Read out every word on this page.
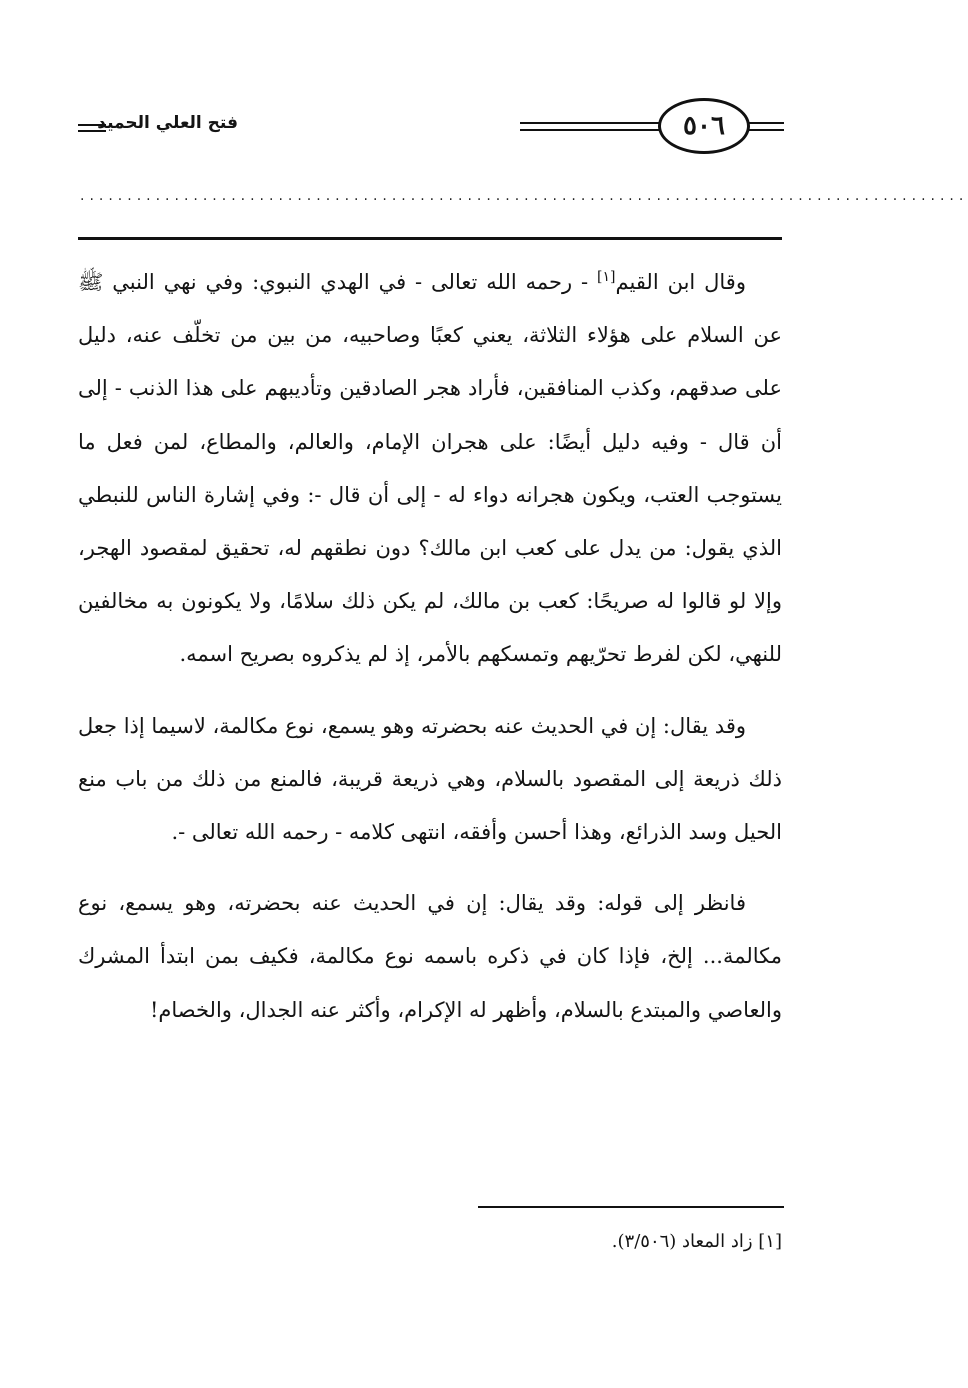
فتح العلي الحميد	٥٠٦
..............................................................................................

وقال ابن القيم[١] - رحمه الله تعالى - في الهدي النبوي: وفي نهي النبي ﷺ عن السلام على هؤلاء الثلاثة، يعني كعبًا وصاحبيه، من بين من تخلّف عنه، دليل على صدقهم، وكذب المنافقين، فأراد هجر الصادقين وتأديبهم على هذا الذنب - إلى أن قال - وفيه دليل أيضًا: على هجران الإمام، والعالم، والمطاع، لمن فعل ما يستوجب العتب، ويكون هجرانه دواء له - إلى أن قال -: وفي إشارة الناس للنبطي الذي يقول: من يدل على كعب ابن مالك؟ دون نطقهم له، تحقيق لمقصود الهجر، وإلا لو قالوا له صريحًا: كعب بن مالك، لم يكن ذلك سلامًا، ولا يكونون به مخالفين للنهي، لكن لفرط تحرّيهم وتمسكهم بالأمر، إذ لم يذكروه بصريح اسمه.

وقد يقال: إن في الحديث عنه بحضرته وهو يسمع، نوع مكالمة، لاسيما إذا جعل ذلك ذريعة إلى المقصود بالسلام، وهي ذريعة قريبة، فالمنع من ذلك من باب منع الحيل وسد الذرائع، وهذا أحسن وأفقه، انتهى كلامه - رحمه الله تعالى -.

فانظر إلى قوله: وقد يقال: إن في الحديث عنه بحضرته، وهو يسمع، نوع مكالمة... إلخ، فإذا كان في ذكره باسمه نوع مكالمة، فكيف بمن ابتدأ المشرك والعاصي والمبتدع بالسلام، وأظهر له الإكرام، وأكثر عنه الجدال، والخصام!

[١] زاد المعاد (٣/٥٠٦).
